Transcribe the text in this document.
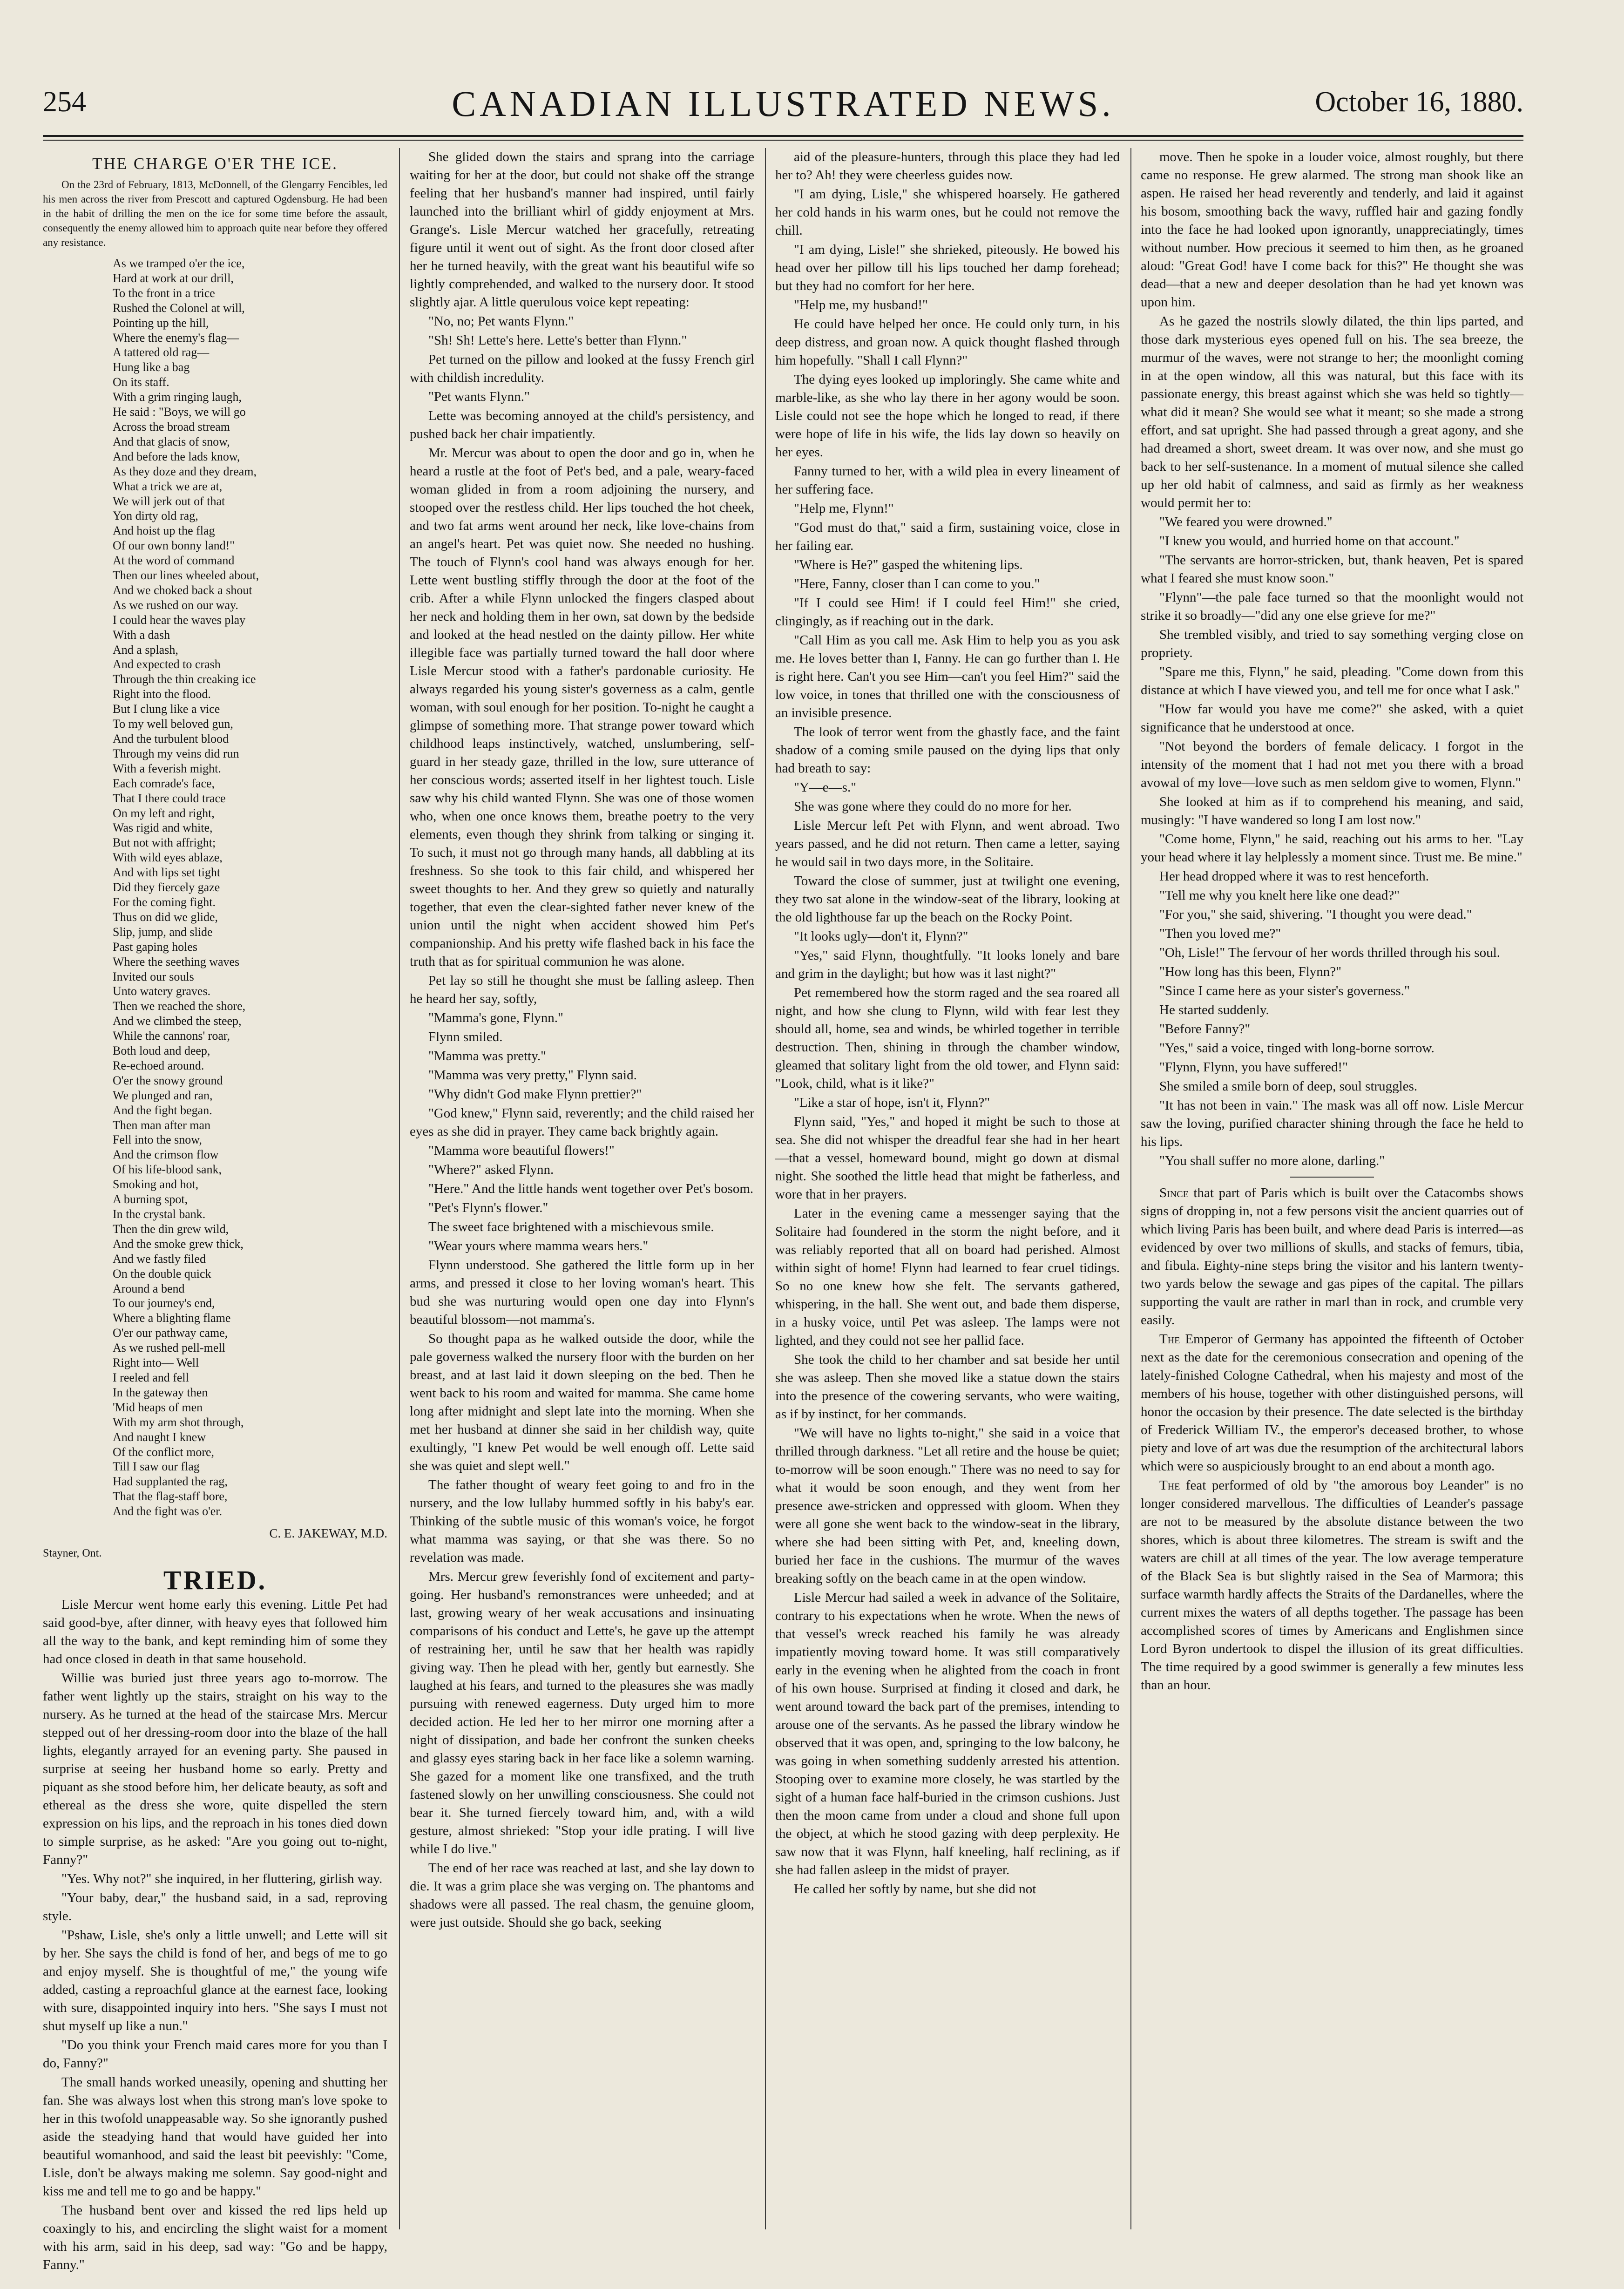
254	CANADIAN ILLUSTRATED NEWS.	October 16, 1880.
THE CHARGE O'ER THE ICE.

On the 23rd of February, 1813, McDonnell, of the Glengarry Fencibles, led his men across the river from Prescott and captured Ogdensburg. He had been in the habit of drilling the men on the ice for some time before the assault, consequently the enemy allowed him to approach quite near before they offered any resistance.

As we tramped o'er the ice,
Hard at work at our drill,
To the front in a trice
Rushed the Colonel at will,
Pointing up the hill,
Where the enemy's flag—
A tattered old rag—
Hung like a bag
On its staff.
With a grim ringing laugh,
He said : "Boys, we will go
Across the broad stream
And that glacis of snow,
And before the lads know,
As they doze and they dream,
What a trick we are at,
We will jerk out of that
Yon dirty old rag,
And hoist up the flag
Of our own bonny land!"
At the word of command
Then our lines wheeled about,
And we choked back a shout
As we rushed on our way.
I could hear the waves play
With a dash
And a splash,
And expected to crash
Through the thin creaking ice
Right into the flood.
But I clung like a vice
To my well beloved gun,
And the turbulent blood
Through my veins did run
With a feverish might.
Each comrade's face,
That I there could trace
On my left and right,
Was rigid and white,
But not with affright;
With wild eyes ablaze,
And with lips set tight
Did they fiercely gaze
For the coming fight.
Thus on did we glide,
Slip, jump, and slide
Past gaping holes
Where the seething waves
Invited our souls
Unto watery graves.
Then we reached the shore,
And we climbed the steep,
While the cannons' roar,
Both loud and deep,
Re-echoed around.
O'er the snowy ground
We plunged and ran,
And the fight began.
Then man after man
Fell into the snow,
And the crimson flow
Of his life-blood sank,
Smoking and hot,
A burning spot,
In the crystal bank.
Then the din grew wild,
And the smoke grew thick,
And we fastly filed
On the double quick
Around a bend
To our journey's end,
Where a blighting flame
O'er our pathway came,
As we rushed pell-mell
Right into— Well
I reeled and fell
In the gateway then
'Mid heaps of men
With my arm shot through,
And naught I knew
Of the conflict more,
Till I saw our flag
Had supplanted the rag,
That the flag-staff bore,
And the fight was o'er.
C. E. JAKEWAY, M.D.
Stayner, Ont.
TRIED.

Lisle Mercur went home early this evening. Little Pet had said good-bye, after dinner, with heavy eyes that followed him all the way to the bank, and kept reminding him of some they had once closed in death in that same household.

Willie was buried just three years ago to-morrow. The father went lightly up the stairs, straight on his way to the nursery. As he turned at the head of the staircase Mrs. Mercur stepped out of her dressing-room door into the blaze of the hall lights, elegantly arrayed for an evening party. She paused in surprise at seeing her husband home so early. Pretty and piquant as she stood before him, her delicate beauty, as soft and ethereal as the dress she wore, quite dispelled the stern expression on his lips, and the reproach in his tones died down to simple surprise, as he asked: "Are you going out to-night, Fanny?"

"Yes. Why not?" she inquired, in her fluttering, girlish way.

"Your baby, dear," the husband said, in a sad, reproving style.

"Pshaw, Lisle, she's only a little unwell; and Lette will sit by her. She says the child is fond of her, and begs of me to go and enjoy myself. She is thoughtful of me," the young wife added, casting a reproachful glance at the earnest face, looking with sure, disappointed inquiry into hers. "She says I must not shut myself up like a nun."

"Do you think your French maid cares more for you than I do, Fanny?"

The small hands worked uneasily, opening and shutting her fan. She was always lost when this strong man's love spoke to her in this twofold unappeasable way. So she ignorantly pushed aside the steadying hand that would have guided her into beautiful womanhood, and said the least bit peevishly: "Come, Lisle, don't be always making me solemn. Say good-night and kiss me and tell me to go and be happy."

The husband bent over and kissed the red lips held up coaxingly to his, and encircling the slight waist for a moment with his arm, said in his deep, sad way: "Go and be happy, Fanny."

She glided down the stairs and sprang into the carriage waiting for her at the door, but could not shake off the strange feeling that her husband's manner had inspired, until fairly launched into the brilliant whirl of giddy enjoyment at Mrs. Grange's. Lisle Mercur watched her gracefully, retreating figure until it went out of sight. As the front door closed after her he turned heavily, with the great want his beautiful wife so lightly comprehended, and walked to the nursery door. It stood slightly ajar. A little querulous voice kept repeating:

"No, no; Pet wants Flynn."

"Sh! Sh! Lette's here. Lette's better than Flynn."

Pet turned on the pillow and looked at the fussy French girl with childish incredulity.

"Pet wants Flynn."

Lette was becoming annoyed at the child's persistency, and pushed back her chair impatiently.

Mr. Mercur was about to open the door and go in, when he heard a rustle at the foot of Pet's bed, and a pale, weary-faced woman glided in from a room adjoining the nursery, and stooped over the restless child. Her lips touched the hot cheek, and two fat arms went around her neck, like love-chains from an angel's heart. Pet was quiet now. She needed no hushing. The touch of Flynn's cool hand was always enough for her. Lette went bustling stiffly through the door at the foot of the crib. After a while Flynn unlocked the fingers clasped about her neck and holding them in her own, sat down by the bedside and looked at the head nestled on the dainty pillow. Her white illegible face was partially turned toward the hall door where Lisle Mercur stood with a father's pardonable curiosity. He always regarded his young sister's governess as a calm, gentle woman, with soul enough for her position. To-night he caught a glimpse of something more. That strange power toward which childhood leaps instinctively, watched, unslumbering, self-guard in her steady gaze, thrilled in the low, sure utterance of her conscious words; asserted itself in her lightest touch. Lisle saw why his child wanted Flynn. She was one of those women who, when one once knows them, breathe poetry to the very elements, even though they shrink from talking or singing it. To such, it must not go through many hands, all dabbling at its freshness. So she took to this fair child, and whispered her sweet thoughts to her. And they grew so quietly and naturally together, that even the clear-sighted father never knew of the union until the night when accident showed him Pet's companionship. And his pretty wife flashed back in his face the truth that as for spiritual communion he was alone.

Pet lay so still he thought she must be falling asleep. Then he heard her say, softly,

"Mamma's gone, Flynn."

Flynn smiled.

"Mamma was pretty."

"Mamma was very pretty," Flynn said.

"Why didn't God make Flynn prettier?"

"God knew," Flynn said, reverently; and the child raised her eyes as she did in prayer. They came back brightly again.

"Mamma wore beautiful flowers!"

"Where?" asked Flynn.

"Here." And the little hands went together over Pet's bosom.

"Pet's Flynn's flower."

The sweet face brightened with a mischievous smile.

"Wear yours where mamma wears hers."

Flynn understood. She gathered the little form up in her arms, and pressed it close to her loving woman's heart. This bud she was nurturing would open one day into Flynn's beautiful blossom—not mamma's.

So thought papa as he walked outside the door, while the pale governess walked the nursery floor with the burden on her breast, and at last laid it down sleeping on the bed. Then he went back to his room and waited for mamma. She came home long after midnight and slept late into the morning. When she met her husband at dinner she said in her childish way, quite exultingly, "I knew Pet would be well enough off. Lette said she was quiet and slept well."

The father thought of weary feet going to and fro in the nursery, and the low lullaby hummed softly in his baby's ear. Thinking of the subtle music of this woman's voice, he forgot what mamma was saying, or that she was there. So no revelation was made.

Mrs. Mercur grew feverishly fond of excitement and party-going. Her husband's remonstrances were unheeded; and at last, growing weary of her weak accusations and insinuating comparisons of his conduct and Lette's, he gave up the attempt of restraining her, until he saw that her health was rapidly giving way. Then he plead with her, gently but earnestly. She laughed at his fears, and turned to the pleasures she was madly pursuing with renewed eagerness. Duty urged him to more decided action. He led her to her mirror one morning after a night of dissipation, and bade her confront the sunken cheeks and glassy eyes staring back in her face like a solemn warning. She gazed for a moment like one transfixed, and the truth fastened slowly on her unwilling consciousness. She could not bear it. She turned fiercely toward him, and, with a wild gesture, almost shrieked: "Stop your idle prating. I will live while I do live."

The end of her race was reached at last, and she lay down to die. It was a grim place she was verging on. The phantoms and shadows were all passed. The real chasm, the genuine gloom, were just outside. Should she go back, seeking

aid of the pleasure-hunters, through this place they had led her to? Ah! they were cheerless guides now.

"I am dying, Lisle," she whispered hoarsely. He gathered her cold hands in his warm ones, but he could not remove the chill.

"I am dying, Lisle!" she shrieked, piteously. He bowed his head over her pillow till his lips touched her damp forehead; but they had no comfort for her here.

"Help me, my husband!"

He could have helped her once. He could only turn, in his deep distress, and groan now. A quick thought flashed through him hopefully. "Shall I call Flynn?"

The dying eyes looked up imploringly. She came white and marble-like, as she who lay there in her agony would be soon. Lisle could not see the hope which he longed to read, if there were hope of life in his wife, the lids lay down so heavily on her eyes.

Fanny turned to her, with a wild plea in every lineament of her suffering face.

"Help me, Flynn!"

"God must do that," said a firm, sustaining voice, close in her failing ear.

"Where is He?" gasped the whitening lips.

"Here, Fanny, closer than I can come to you."

"If I could see Him! if I could feel Him!" she cried, clingingly, as if reaching out in the dark.

"Call Him as you call me. Ask Him to help you as you ask me. He loves better than I, Fanny. He can go further than I. He is right here. Can't you see Him—can't you feel Him?" said the low voice, in tones that thrilled one with the consciousness of an invisible presence.

The look of terror went from the ghastly face, and the faint shadow of a coming smile paused on the dying lips that only had breath to say:

"Y—e—s."

She was gone where they could do no more for her.

Lisle Mercur left Pet with Flynn, and went abroad. Two years passed, and he did not return. Then came a letter, saying he would sail in two days more, in the Solitaire.

Toward the close of summer, just at twilight one evening, they two sat alone in the window-seat of the library, looking at the old lighthouse far up the beach on the Rocky Point.

"It looks ugly—don't it, Flynn?"

"Yes," said Flynn, thoughtfully. "It looks lonely and bare and grim in the daylight; but how was it last night?"

Pet remembered how the storm raged and the sea roared all night, and how she clung to Flynn, wild with fear lest they should all, home, sea and winds, be whirled together in terrible destruction. Then, shining in through the chamber window, gleamed that solitary light from the old tower, and Flynn said: "Look, child, what is it like?"

"Like a star of hope, isn't it, Flynn?"

Flynn said, "Yes," and hoped it might be such to those at sea. She did not whisper the dreadful fear she had in her heart—that a vessel, homeward bound, might go down at dismal night. She soothed the little head that might be fatherless, and wore that in her prayers.

Later in the evening came a messenger saying that the Solitaire had foundered in the storm the night before, and it was reliably reported that all on board had perished. Almost within sight of home! Flynn had learned to fear cruel tidings. So no one knew how she felt. The servants gathered, whispering, in the hall. She went out, and bade them disperse, in a husky voice, until Pet was asleep. The lamps were not lighted, and they could not see her pallid face.

She took the child to her chamber and sat beside her until she was asleep. Then she moved like a statue down the stairs into the presence of the cowering servants, who were waiting, as if by instinct, for her commands.

"We will have no lights to-night," she said in a voice that thrilled through darkness. "Let all retire and the house be quiet; to-morrow will be soon enough." There was no need to say for what it would be soon enough, and they went from her presence awe-stricken and oppressed with gloom. When they were all gone she went back to the window-seat in the library, where she had been sitting with Pet, and, kneeling down, buried her face in the cushions. The murmur of the waves breaking softly on the beach came in at the open window.

Lisle Mercur had sailed a week in advance of the Solitaire, contrary to his expectations when he wrote. When the news of that vessel's wreck reached his family he was already impatiently moving toward home. It was still comparatively early in the evening when he alighted from the coach in front of his own house. Surprised at finding it closed and dark, he went around toward the back part of the premises, intending to arouse one of the servants. As he passed the library window he observed that it was open, and, springing to the low balcony, he was going in when something suddenly arrested his attention. Stooping over to examine more closely, he was startled by the sight of a human face half-buried in the crimson cushions. Just then the moon came from under a cloud and shone full upon the object, at which he stood gazing with deep perplexity. He saw now that it was Flynn, half kneeling, half reclining, as if she had fallen asleep in the midst of prayer.

He called her softly by name, but she did not

move. Then he spoke in a louder voice, almost roughly, but there came no response. He grew alarmed. The strong man shook like an aspen. He raised her head reverently and tenderly, and laid it against his bosom, smoothing back the wavy, ruffled hair and gazing fondly into the face he had looked upon ignorantly, unappreciatingly, times without number. How precious it seemed to him then, as he groaned aloud: "Great God! have I come back for this?" He thought she was dead—that a new and deeper desolation than he had yet known was upon him.

As he gazed the nostrils slowly dilated, the thin lips parted, and those dark mysterious eyes opened full on his. The sea breeze, the murmur of the waves, were not strange to her; the moonlight coming in at the open window, all this was natural, but this face with its passionate energy, this breast against which she was held so tightly—what did it mean? She would see what it meant; so she made a strong effort, and sat upright. She had passed through a great agony, and she had dreamed a short, sweet dream. It was over now, and she must go back to her self-sustenance. In a moment of mutual silence she called up her old habit of calmness, and said as firmly as her weakness would permit her to:

"We feared you were drowned."

"I knew you would, and hurried home on that account."

"The servants are horror-stricken, but, thank heaven, Pet is spared what I feared she must know soon."

"Flynn"—the pale face turned so that the moonlight would not strike it so broadly—"did any one else grieve for me?"

She trembled visibly, and tried to say something verging close on propriety.

"Spare me this, Flynn," he said, pleading. "Come down from this distance at which I have viewed you, and tell me for once what I ask."

"How far would you have me come?" she asked, with a quiet significance that he understood at once.

"Not beyond the borders of female delicacy. I forgot in the intensity of the moment that I had not met you there with a broad avowal of my love—love such as men seldom give to women, Flynn."

She looked at him as if to comprehend his meaning, and said, musingly: "I have wandered so long I am lost now."

"Come home, Flynn," he said, reaching out his arms to her. "Lay your head where it lay helplessly a moment since. Trust me. Be mine."

Her head dropped where it was to rest henceforth.

"Tell me why you knelt here like one dead?"

"For you," she said, shivering. "I thought you were dead."

"Then you loved me?"

"Oh, Lisle!" The fervour of her words thrilled through his soul.

"How long has this been, Flynn?"

"Since I came here as your sister's governess."

He started suddenly.

"Before Fanny?"

"Yes," said a voice, tinged with long-borne sorrow.

"Flynn, Flynn, you have suffered!"

She smiled a smile born of deep, soul struggles.

"It has not been in vain." The mask was all off now. Lisle Mercur saw the loving, purified character shining through the face he held to his lips.

"You shall suffer no more alone, darling."

Since that part of Paris which is built over the Catacombs shows signs of dropping in, not a few persons visit the ancient quarries out of which living Paris has been built, and where dead Paris is interred—as evidenced by over two millions of skulls, and stacks of femurs, tibia, and fibula. Eighty-nine steps bring the visitor and his lantern twenty-two yards below the sewage and gas pipes of the capital. The pillars supporting the vault are rather in marl than in rock, and crumble very easily.

The Emperor of Germany has appointed the fifteenth of October next as the date for the ceremonious consecration and opening of the lately-finished Cologne Cathedral, when his majesty and most of the members of his house, together with other distinguished persons, will honor the occasion by their presence. The date selected is the birthday of Frederick William IV., the emperor's deceased brother, to whose piety and love of art was due the resumption of the architectural labors which were so auspiciously brought to an end about a month ago.

The feat performed of old by "the amorous boy Leander" is no longer considered marvellous. The difficulties of Leander's passage are not to be measured by the absolute distance between the two shores, which is about three kilometres. The stream is swift and the waters are chill at all times of the year. The low average temperature of the Black Sea is but slightly raised in the Sea of Marmora; this surface warmth hardly affects the Straits of the Dardanelles, where the current mixes the waters of all depths together. The passage has been accomplished scores of times by Americans and Englishmen since Lord Byron undertook to dispel the illusion of its great difficulties. The time required by a good swimmer is generally a few minutes less than an hour.
